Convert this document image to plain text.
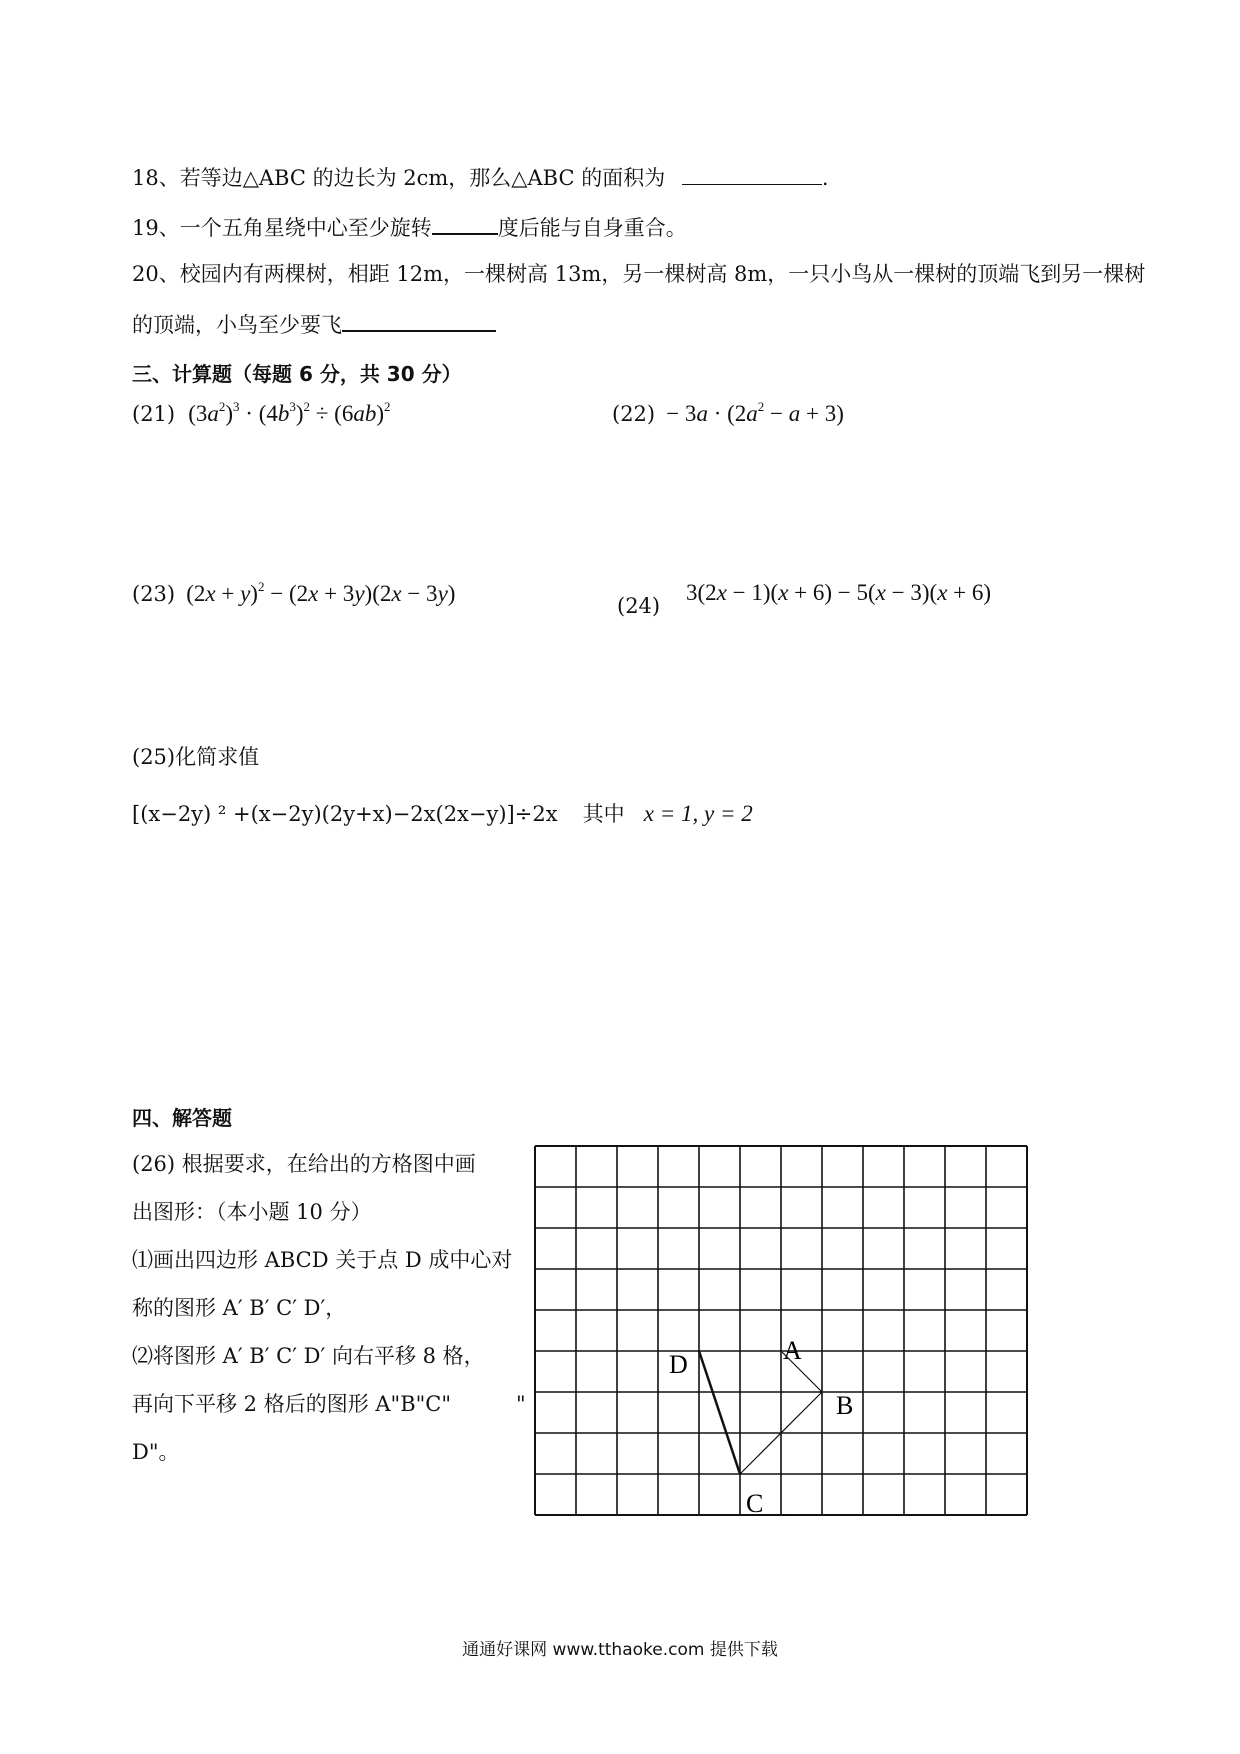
18、若等边△ABC 的边长为 2cm，那么△ABC 的面积为	.
19、一个五角星绕中心至少旋转	度后能与自身重合。
20、校园内有两棵树，相距 12m，一棵树高 13m，另一棵树高 8m，一只小鸟从一棵树的顶端飞到另一棵树
的顶端，小鸟至少要飞
三、计算题（每题 6 分，共 30 分）
(21) $(3a^2)^3 \cdot (4b^3)^2 \div (6ab)^2$	$(22) - 3a \cdot (2a^2 - a + 3)$
(23) $(2x + y)^2 - (2x + 3y)(2x - 3y)$	(24)
3(2x − 1)(x + 6) − 5(x − 3)(x + 6)
(25)化简求值
[(x−2y) ² +(x−2y)(2y+x)−2x(2x−y)]÷2x 其中 x = 1, y = 2
四、解答题
(26) 根据要求，在给出的方格图中画
出图形：（本小题 10 分）
⑴画出四边形 ABCD 关于点 D 成中心对
称的图形 A′ B′ C′ D′，
⑵将图形 A′ B′ C′ D′ 向右平移 8 格，
再向下平移 2 格后的图形 A"B"C"
D"。
"
D	A
B
C
通通好课网 www.tthaoke.com 提供下载
